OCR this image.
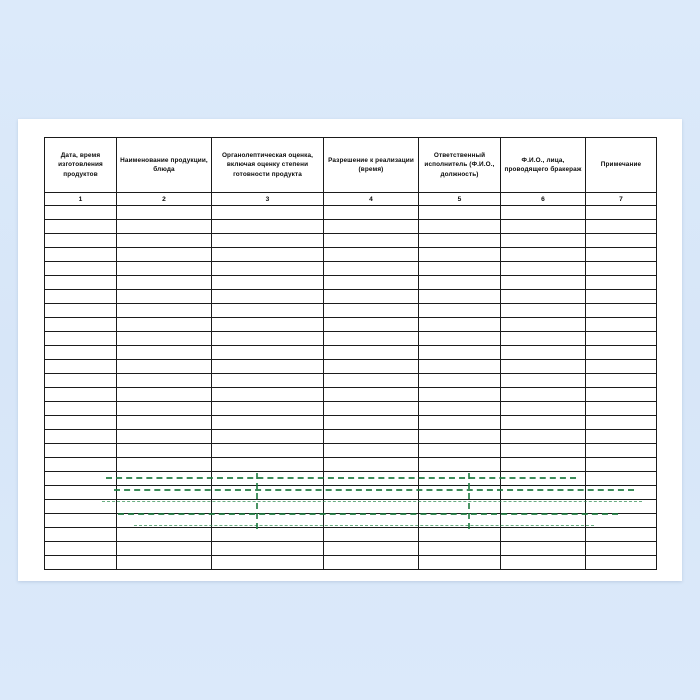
Дата, время изготовления продуктов	Наименование продукции, блюда	Органолептическая оценка, включая оценку степени готовности продукта	Разрешение к реализации (время)	Ответственный исполнитель (Ф.И.О., должность)	Ф.И.О., лица, проводящего бракераж	Примечание
1	2	3	4	5	6	7
